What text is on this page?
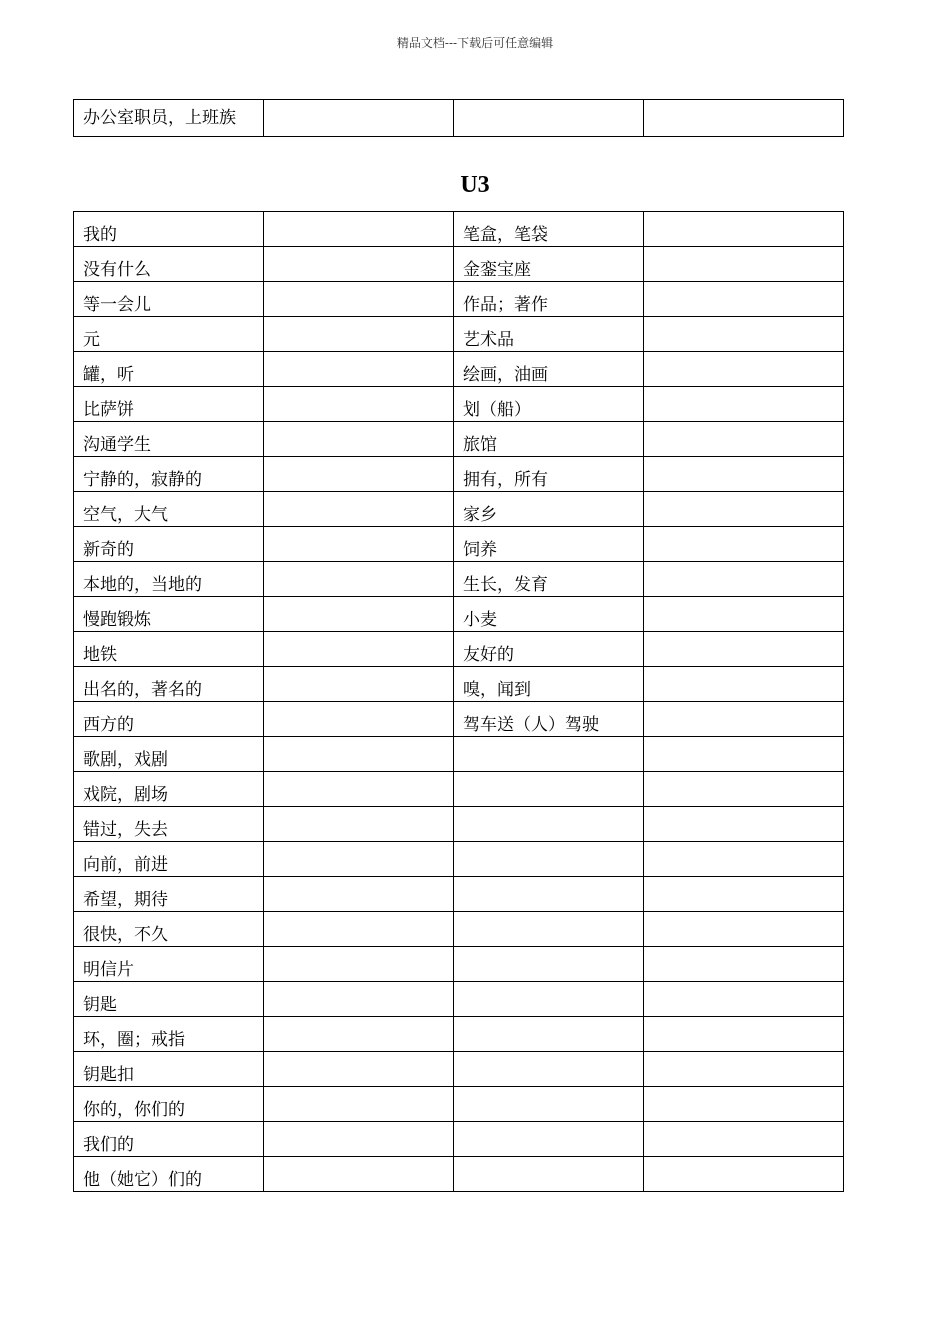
精品文档---下载后可任意编辑
办公室职员，上班族			
U3
我的		笔盒，笔袋	
没有什么		金銮宝座	
等一会儿		作品；著作	
元		艺术品	
罐，听		绘画，油画	
比萨饼		划（船）	
沟通学生		旅馆	
宁静的，寂静的		拥有，所有	
空气，大气		家乡	
新奇的		饲养	
本地的，当地的		生长，发育	
慢跑锻炼		小麦	
地铁		友好的	
出名的，著名的		嗅，闻到	
西方的		驾车送（人）驾驶	
歌剧，戏剧			
戏院，剧场			
错过，失去			
向前，前进			
希望，期待			
很快，不久			
明信片			
钥匙			
环，圈；戒指			
钥匙扣			
你的，你们的			
我们的			
他（她它）们的			
